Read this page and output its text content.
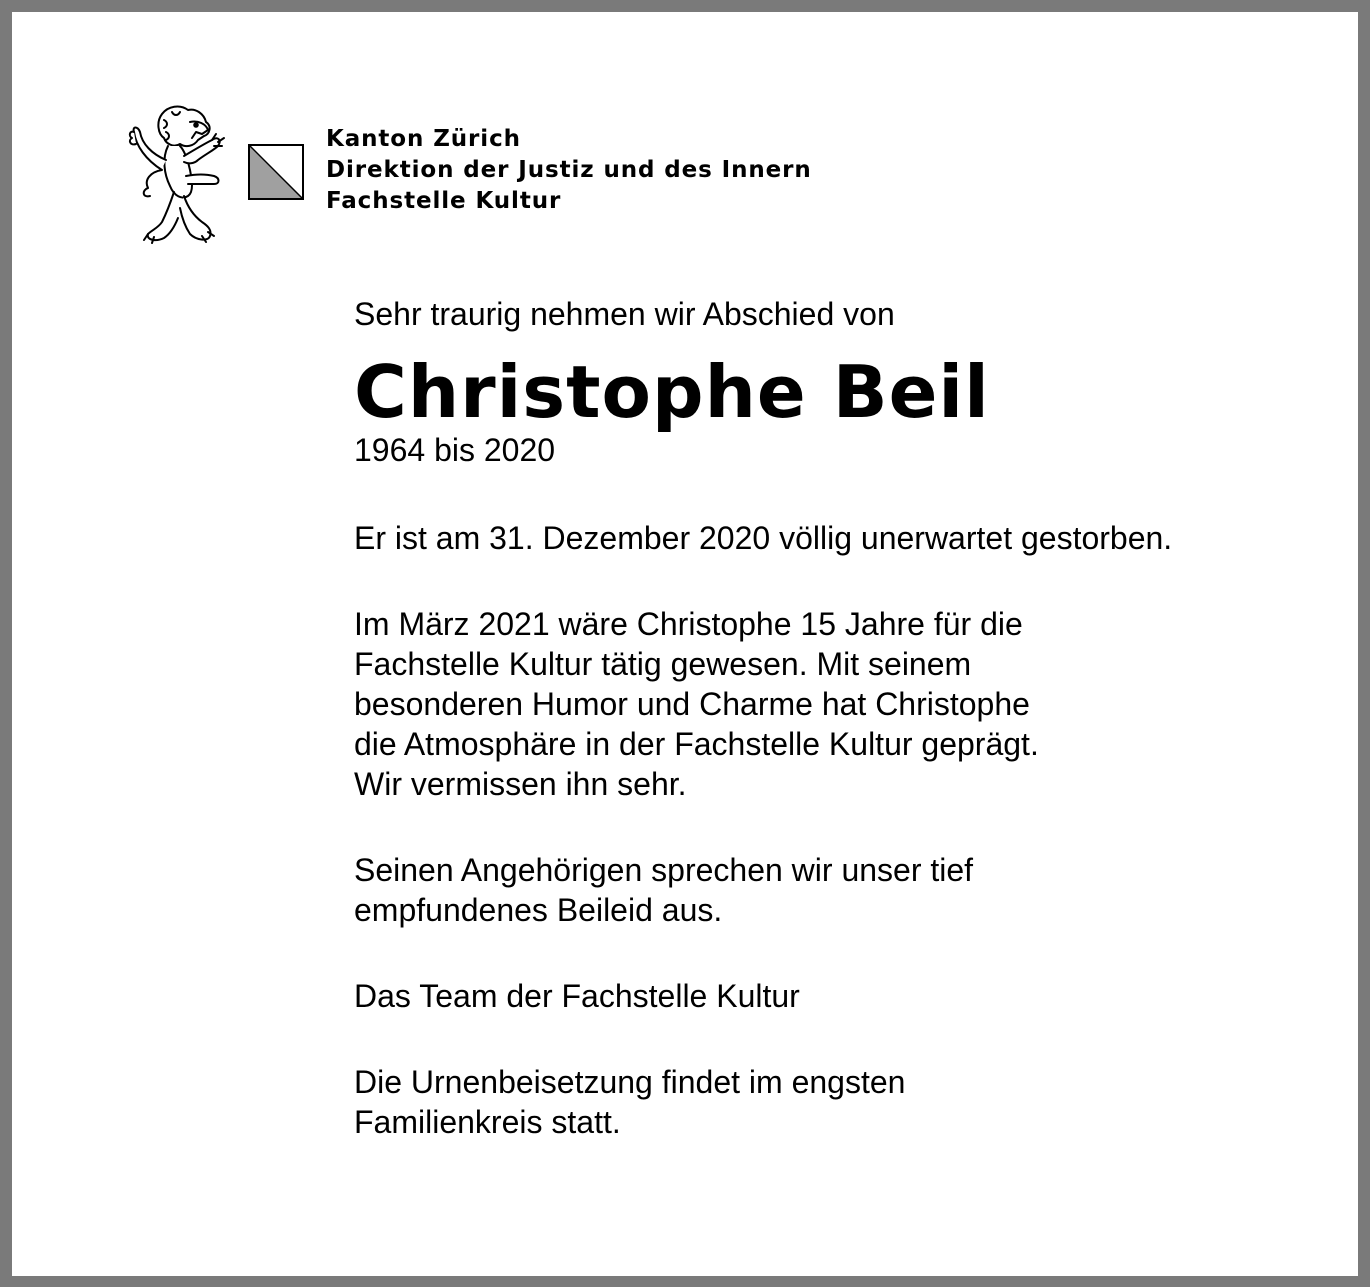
Kanton Zürich
Direktion der Justiz und des Innern
Fachstelle Kultur

Sehr traurig nehmen wir Abschied von

Christophe Beil

1964 bis 2020

Er ist am 31. Dezember 2020 völlig unerwartet gestorben.

Im März 2021 wäre Christophe 15 Jahre für die

Fachstelle Kultur tätig gewesen. Mit seinem

besonderen Humor und Charme hat Christophe

die Atmosphäre in der Fachstelle Kultur geprägt.

Wir vermissen ihn sehr.

Seinen Angehörigen sprechen wir unser tief

empfundenes Beileid aus.

Das Team der Fachstelle Kultur

Die Urnenbeisetzung findet im engsten

Familienkreis statt.
